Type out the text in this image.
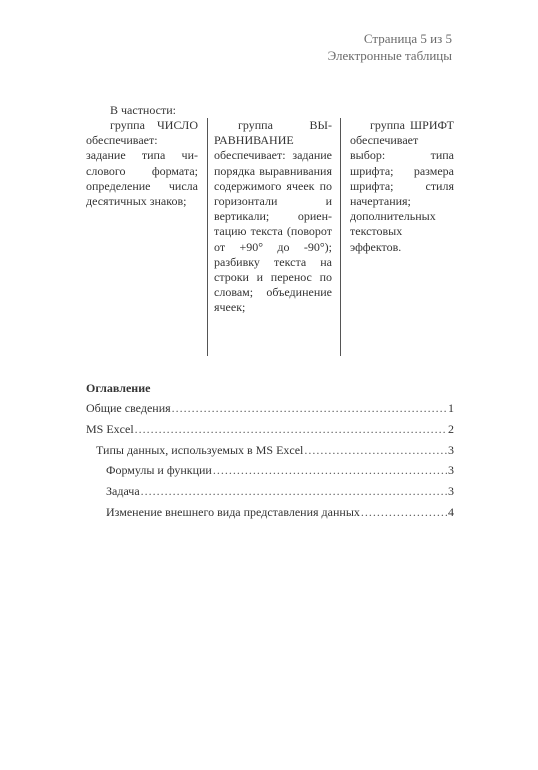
Страница 5 из 5
Электронные таблицы

В частности:

группа ЧИСЛО обеспечивает: задание типа числового формата; определение числа десятичных знаков;

группа ВЫРАВНИВАНИЕ обеспечивает: задание порядка выравнивания содержимого ячеек по горизонтали и вертикали; ориентацию текста (поворот от +90° до -90°); разбивку текста на строки и перенос по словам; объединение ячеек;

группа ШРИФТ обеспечивает выбор: типа шрифта; размера шрифта; стиля начертания; дополнительных текстовых эффектов.

Оглавление
Общие сведения .....	1
MS Excel .....	2
Типы данных, используемых в MS Excel .....	3
Формулы и функции .....	3
Задача .....	3
Изменение внешнего вида представления данных .....	4
